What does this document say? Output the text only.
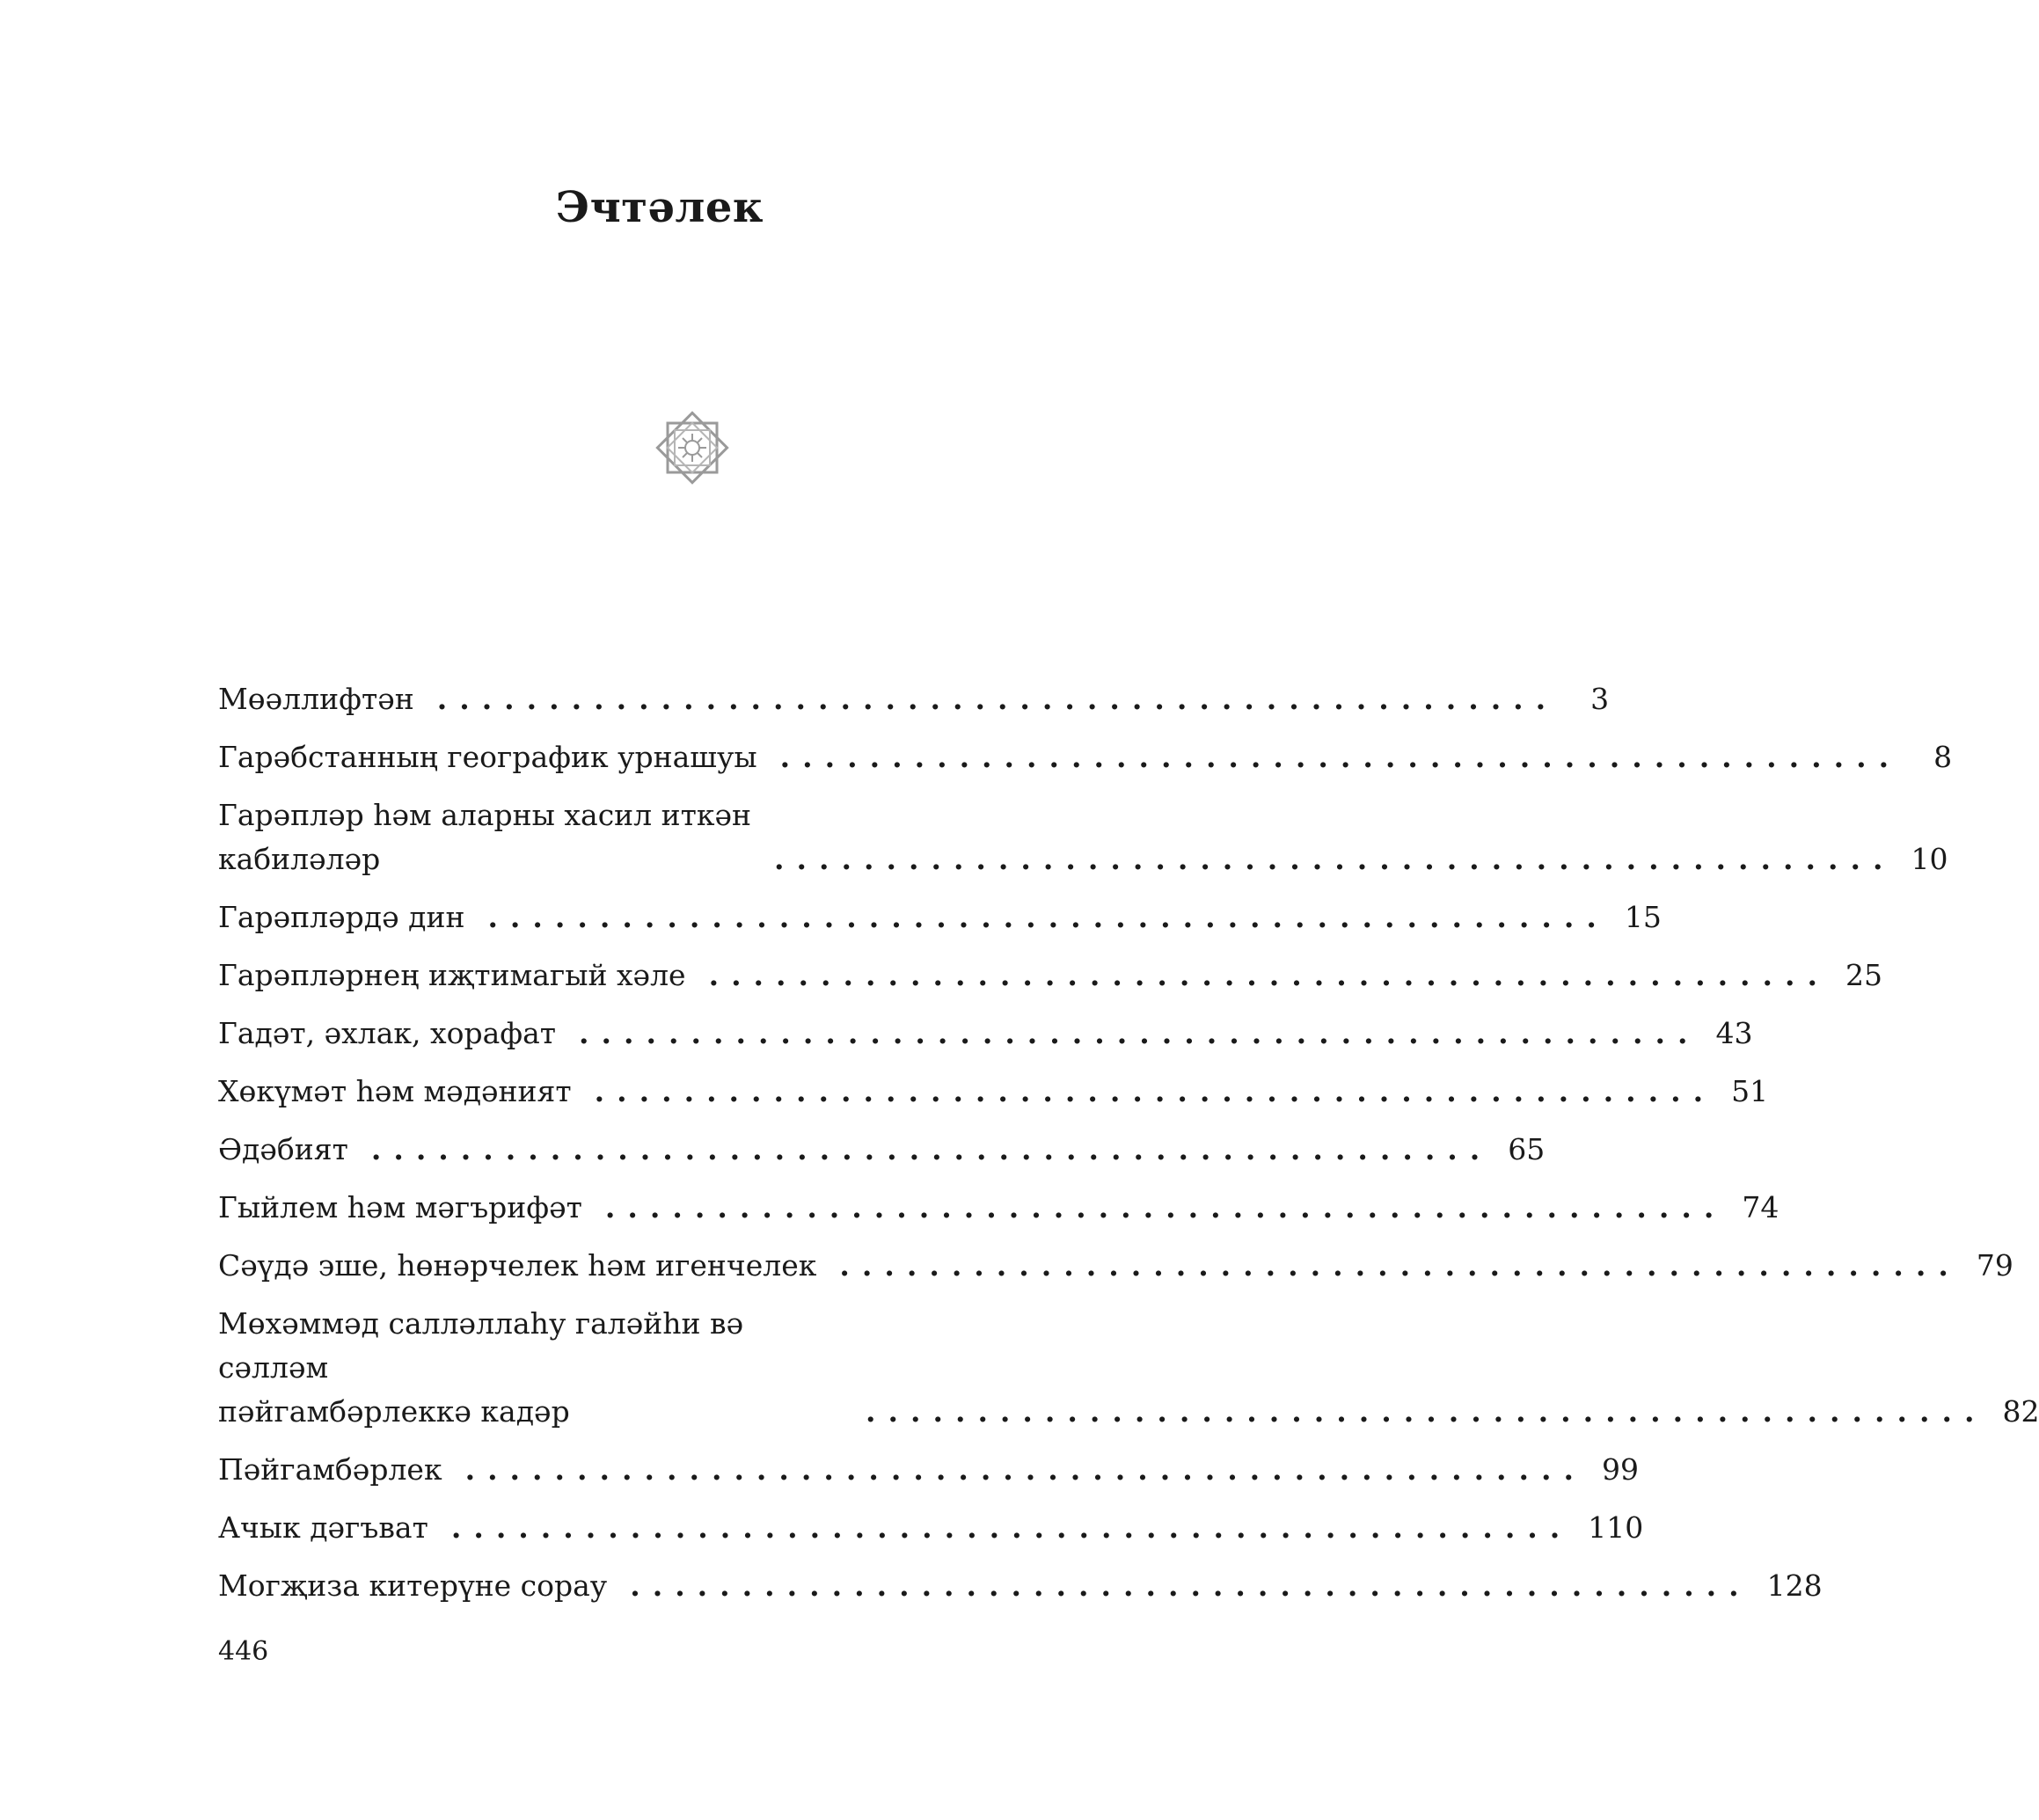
Эчтәлек
Мөәллифтән ..................................................	3
Гарәбстанның географик урнашуы ..................................................	8
Гарәпләр һәм аларны хасил иткән
кабиләләр	.................................................. 10
Гарәпләрдә дин .................................................. 15
Гарәпләрнең иҗтимагый хәле .................................................. 25
Гадәт, әхлак, хорафат .................................................. 43
Хөкүмәт һәм мәдәният .................................................. 51
Әдәбият .................................................. 65
Гыйлем һәм мәгърифәт .................................................. 74
Сәүдә эше, һөнәрчелек һәм игенчелек .................................................. 79
Мөхәммәд салләллаһу галәйһи вә сәлләм
пәйгамбәрлеккә кадәр	.................................................. 82
Пәйгамбәрлек .................................................. 99
Ачык дәгъват .................................................. 110
Могҗиза китерүне сорау .................................................. 128
446
